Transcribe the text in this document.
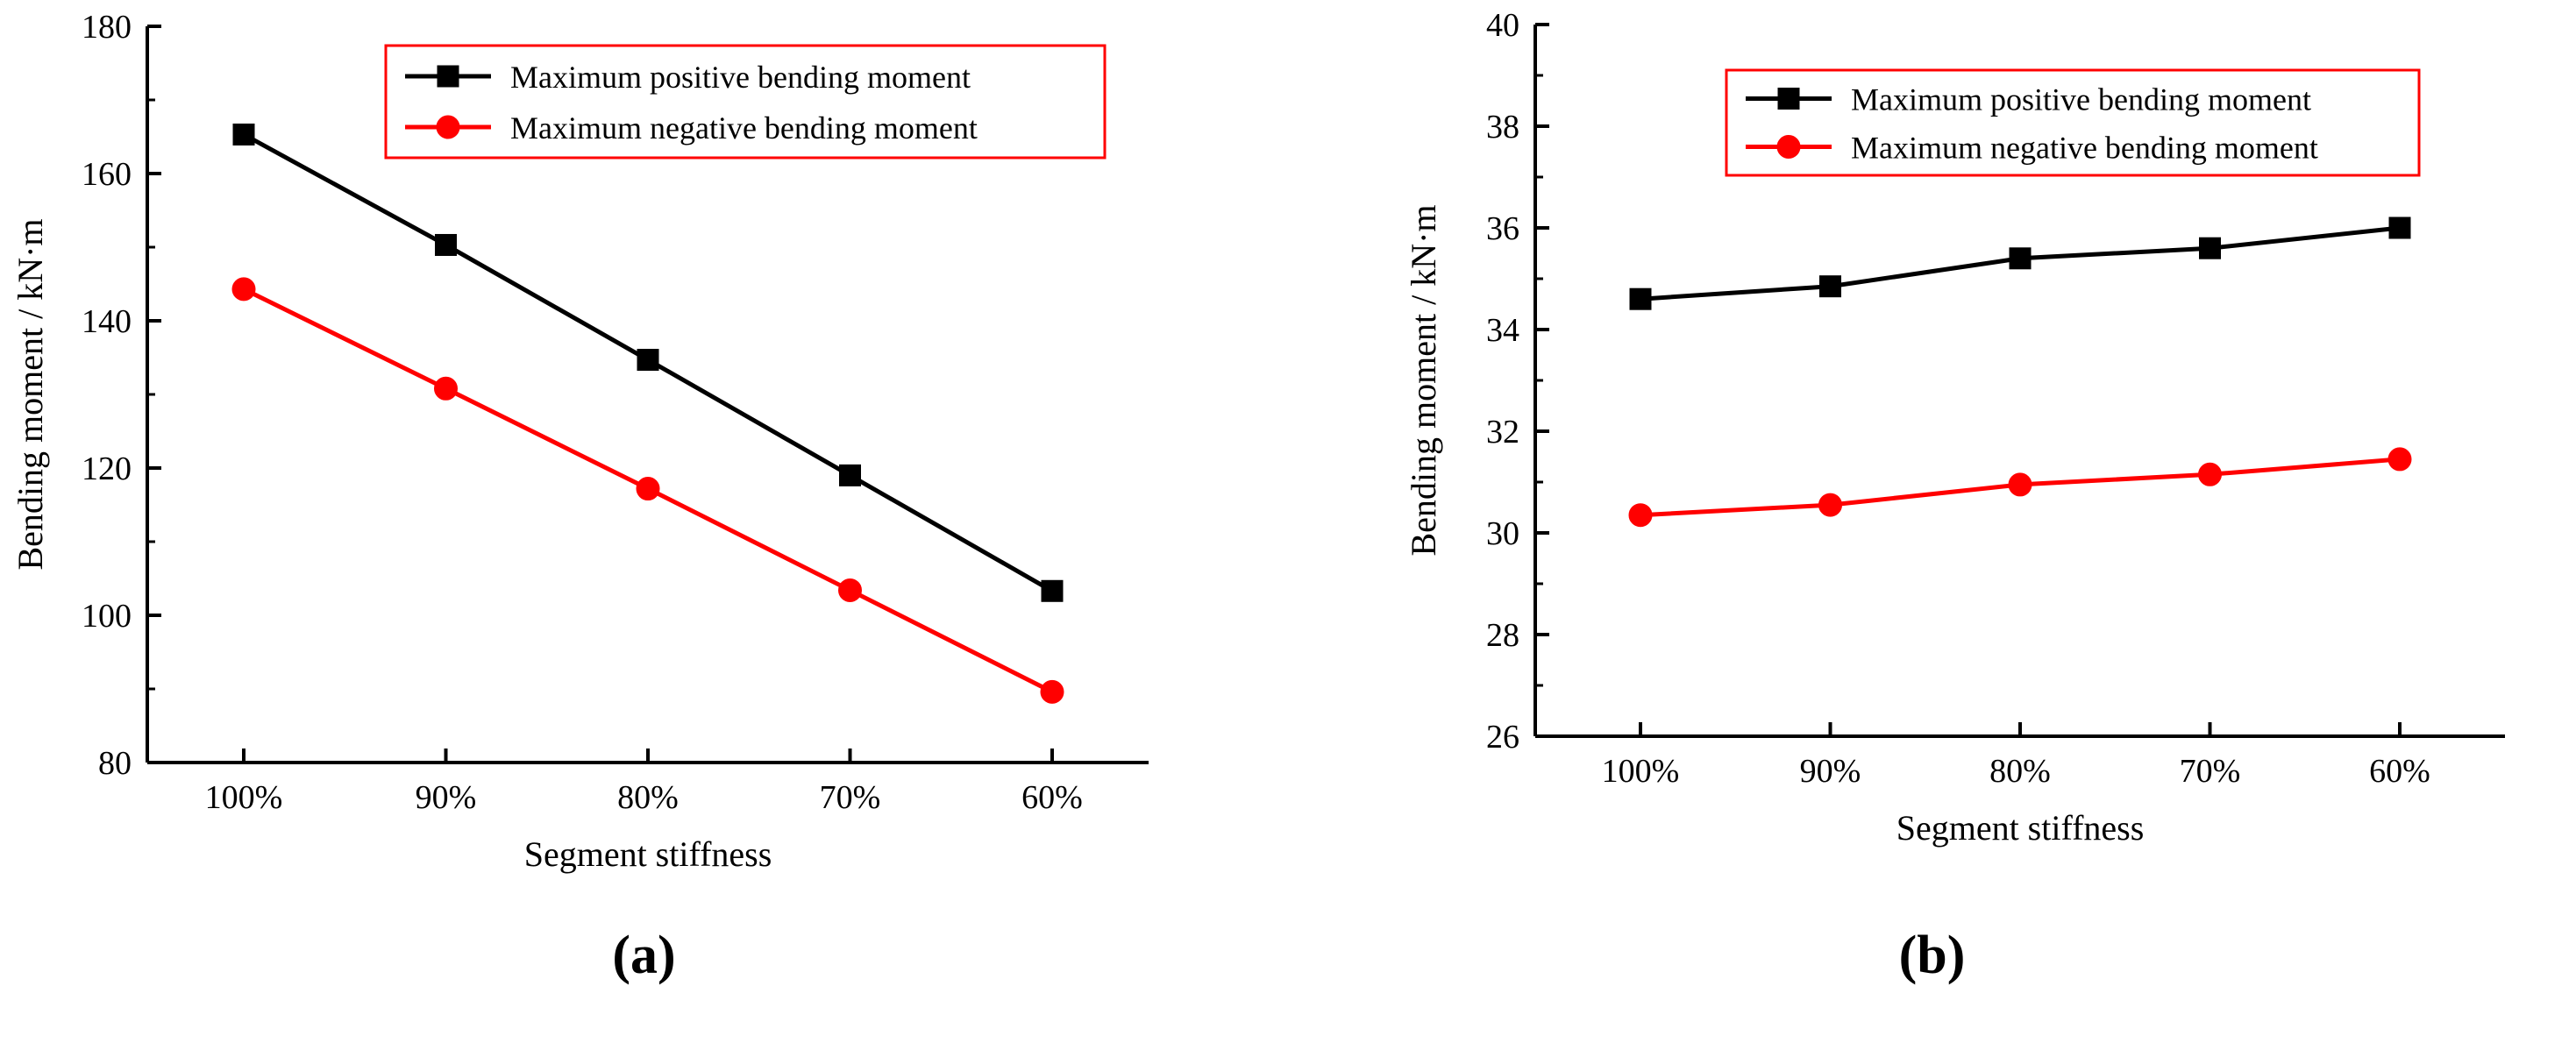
80
100
120
140
160
180
100%	90%	80%	70%	60%
Segment stiffness
Bending moment / kN·m
Maximum positive bending moment
Maximum negative bending moment
(a)
26
28
30
32
34
36
38
40
100%	90%	80%	70%	60%
Segment stiffness
Bending moment / kN·m
Maximum positive bending moment
Maximum negative bending moment
(b)
